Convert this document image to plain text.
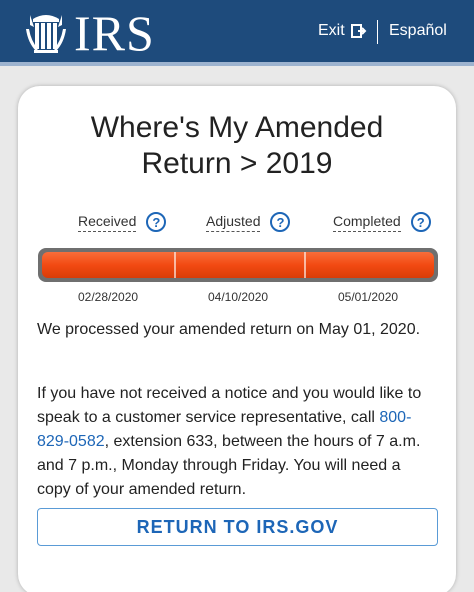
IRS	Exit	Español
Where's My Amended
Return > 2019
Received	?	Adjusted	?	Completed	?
02/28/2020	04/10/2020	05/01/2020
We processed your amended return on May 01, 2020.
If you have not received a notice and you would like to speak to a customer service representative, call 800-829-0582, extension 633, between the hours of 7 a.m. and 7 p.m., Monday through Friday. You will need a copy of your amended return.
RETURN TO IRS.GOV
